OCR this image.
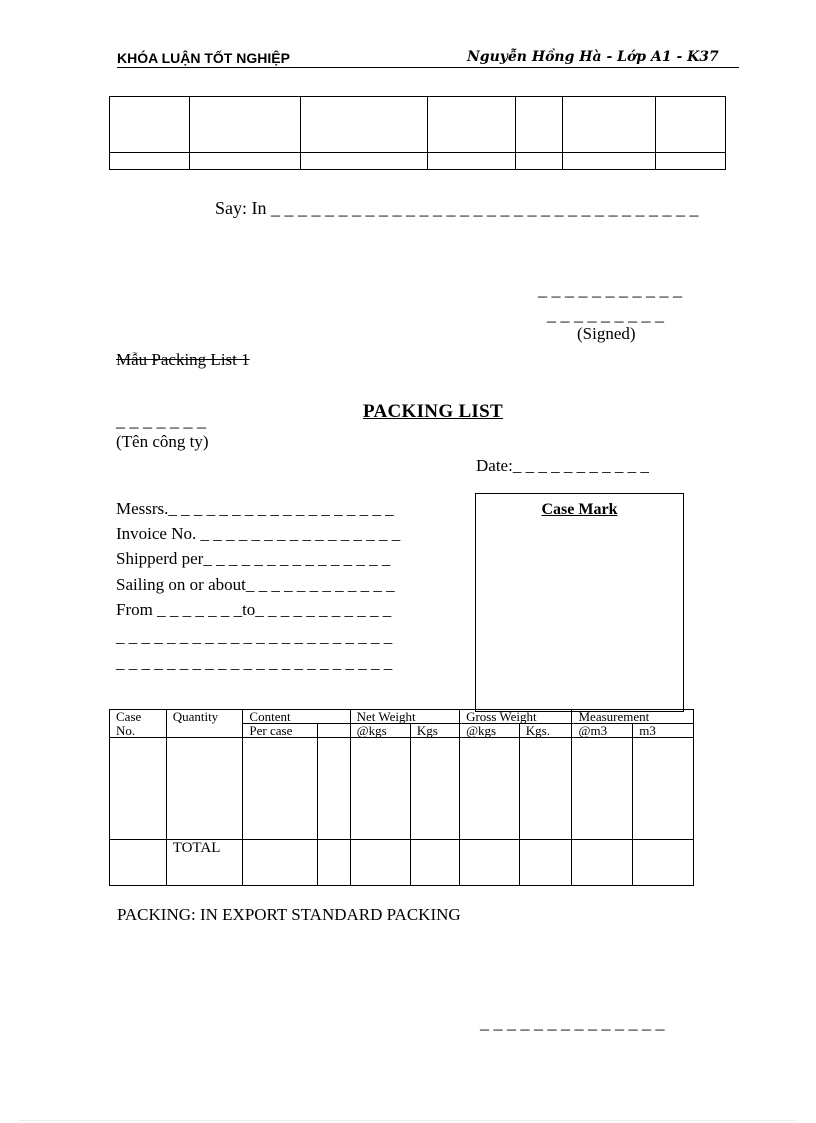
KHÓA LUẬN TỐT NGHIỆP	Nguyễn Hồng Hà - Lớp A1 - K37

Say: In _ _ _ _ _ _ _ _ _ _ _ _ _ _ _ _ _ _ _ _ _ _ _ _ _ _ _ _ _ _ _ _
_ _ _ _ _ _ _ _ _ _ _
_ _ _ _ _ _ _ _ _
(Signed)
Mẫu Packing List 1
_ _ _ _ _ _ _	PACKING LIST
(Tên công ty)
Date:_ _ _ _ _ _ _ _ _ _ _
Messrs._ _ _ _ _ _ _ _ _ _ _ _ _ _ _ _ _ _
Invoice No. _ _ _ _ _ _ _ _ _ _ _ _ _ _ _ _
Shipperd per_ _ _ _ _ _ _ _ _ _ _ _ _ _ _
Sailing on or about_ _ _ _ _ _ _ _ _ _ _ _
From _ _ _ _ _ _ _to_ _ _ _ _ _ _ _ _ _ _
_ _ _ _ _ _ _ _ _ _ _ _ _ _ _ _ _ _ _ _ _ _
_ _ _ _ _ _ _ _ _ _ _ _ _ _ _ _ _ _ _ _ _ _
Case Mark
Case	Quantity	Content		Net Weight		Gross Weight		Measurement	
No.		Per case		@kgs	Kgs	@kgs	Kgs.	@m3	m3

	TOTAL								
PACKING: IN EXPORT STANDARD PACKING
_ _ _ _ _ _ _ _ _ _ _ _ _ _
